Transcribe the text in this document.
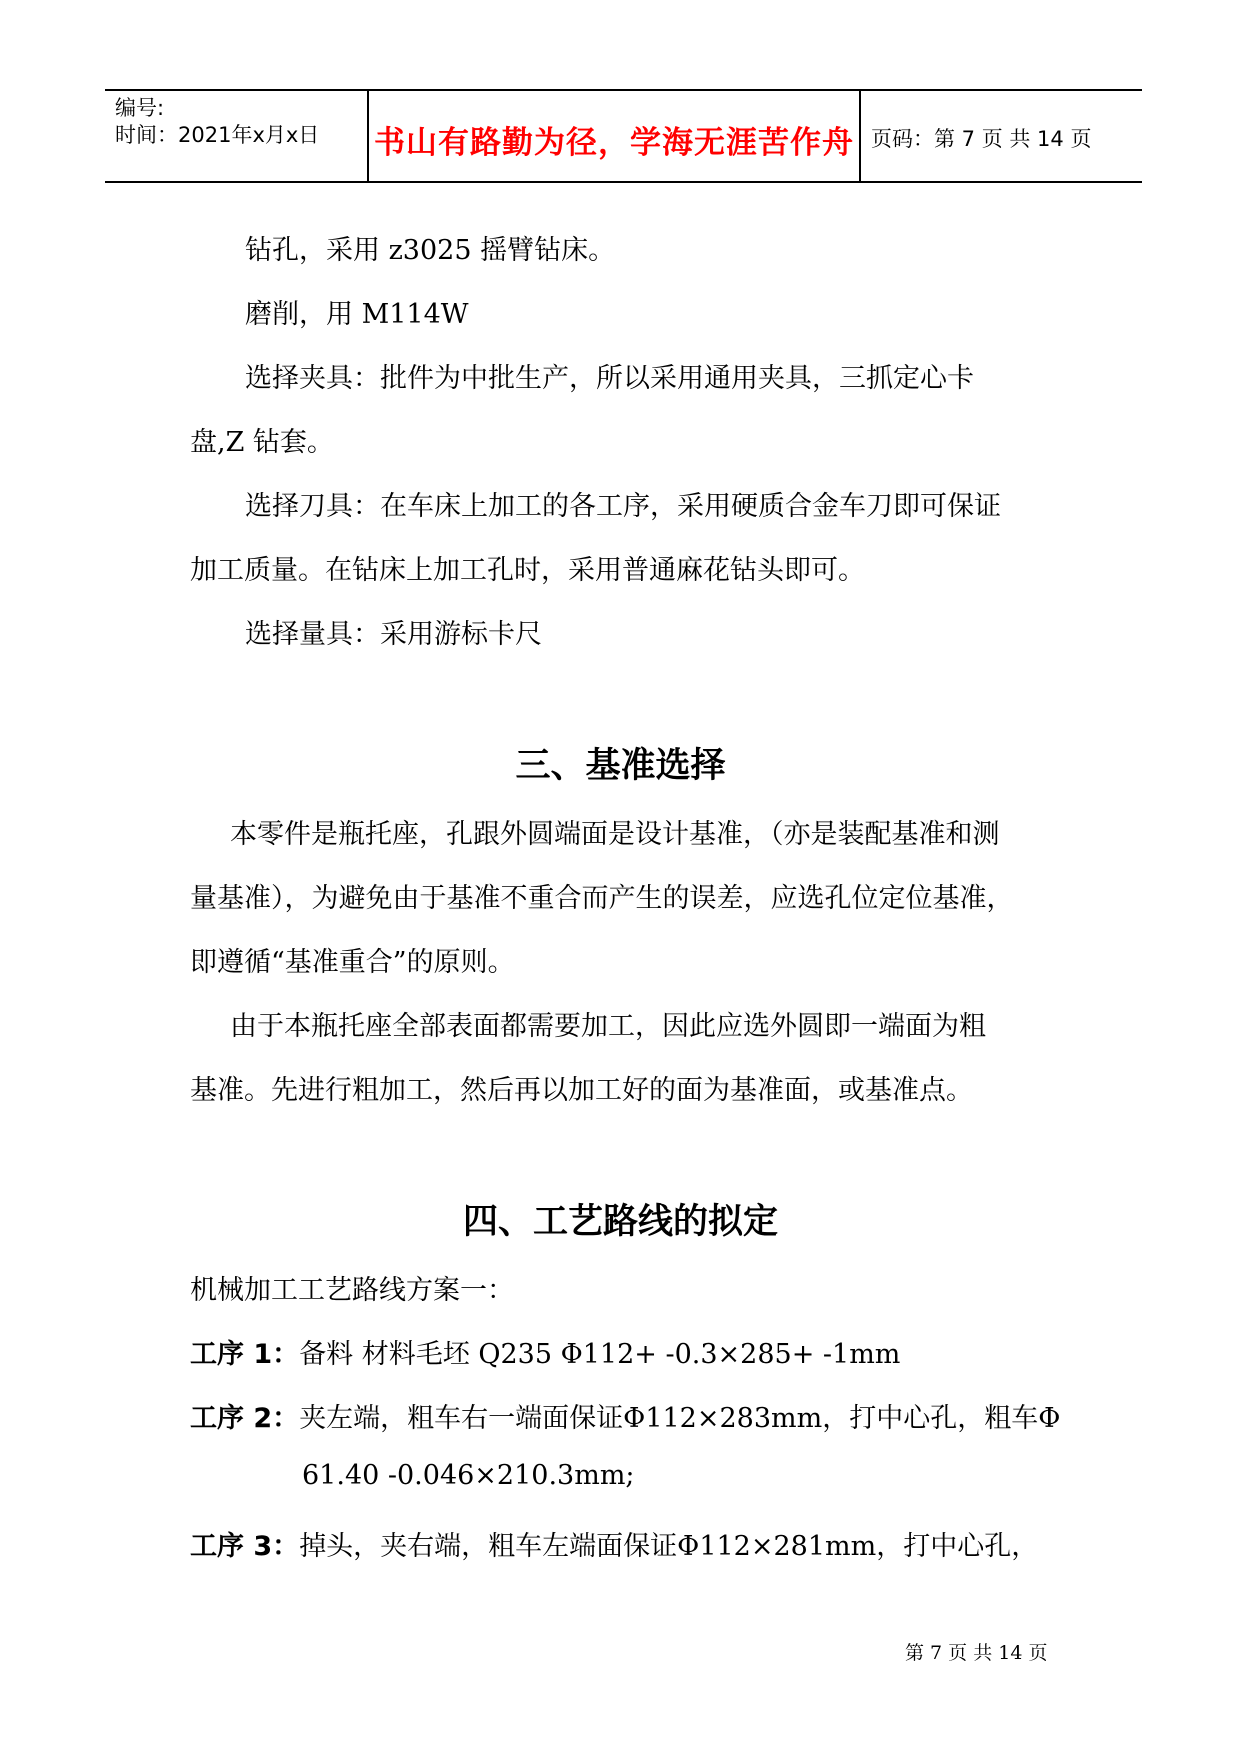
编号:
时间：2021年x月x日 书山有路勤为径，学海无涯苦作舟 页码：第 7 页 共 14 页
钻孔，采用 z3025 摇臂钻床。
磨削，用 M114W
选择夹具：批件为中批生产，所以采用通用夹具，三抓定心卡
盘,Z 钻套。
选择刀具：在车床上加工的各工序，采用硬质合金车刀即可保证
加工质量。在钻床上加工孔时，采用普通麻花钻头即可。
选择量具：采用游标卡尺
三、基准选择
本零件是瓶托座，孔跟外圆端面是设计基准，（亦是装配基准和测
量基准），为避免由于基准不重合而产生的误差，应选孔位定位基准，
即遵循“基准重合”的原则。
由于本瓶托座全部表面都需要加工，因此应选外圆即一端面为粗
基准。先进行粗加工，然后再以加工好的面为基准面，或基准点。
四、工艺路线的拟定
机械加工工艺路线方案一：
工序 1：备料 材料毛坯 Q235 Φ112+ -0.3×285+ -1mm
工序 2：夹左端，粗车右一端面保证Φ112×283mm，打中心孔，粗车Φ
61.40 -0.046×210.3mm;
工序 3：掉头，夹右端，粗车左端面保证Φ112×281mm，打中心孔，
第 7 页 共 14 页
